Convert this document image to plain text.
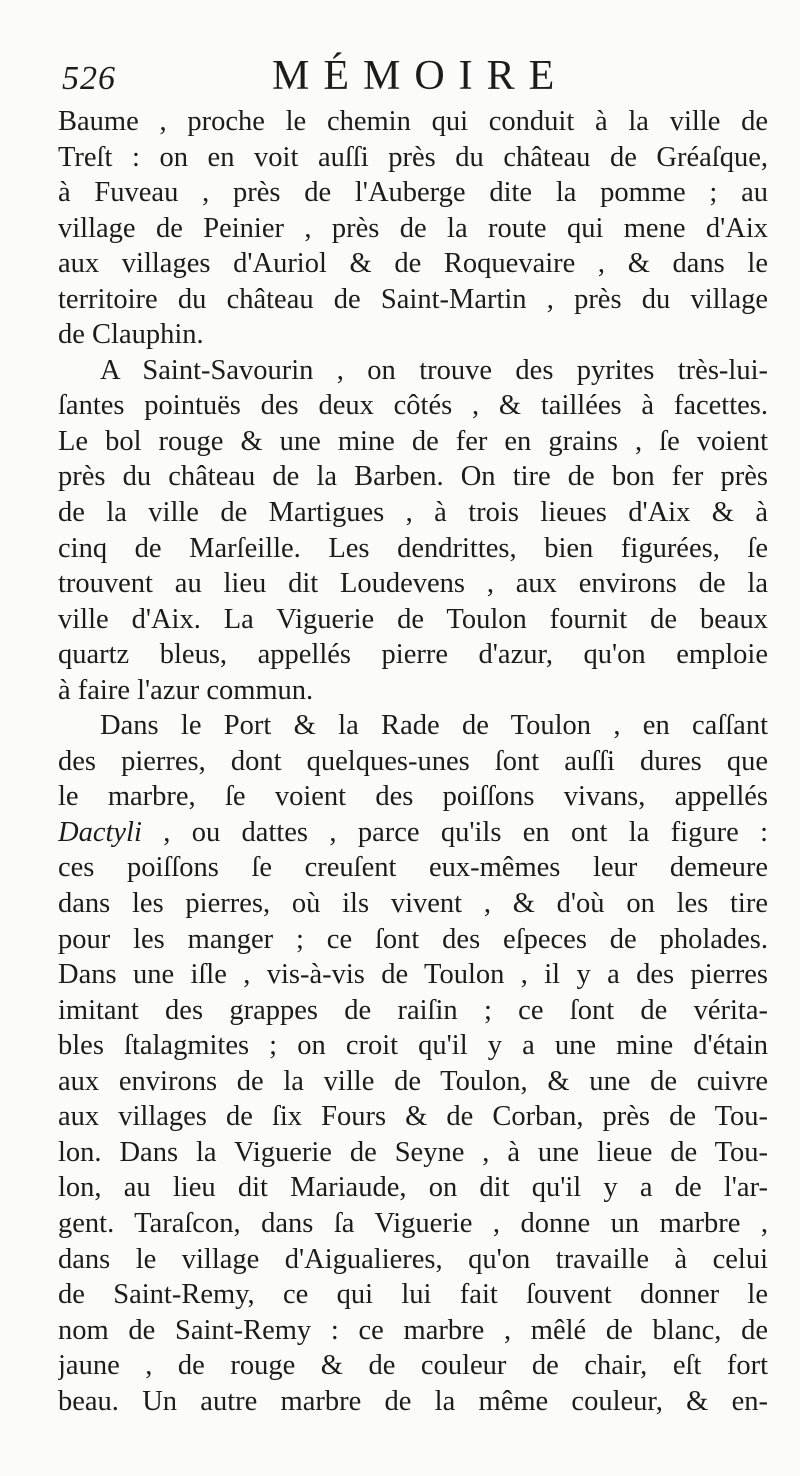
526	MÉMOIRE
Baume , proche le chemin qui conduit à la ville de
Treſt : on en voit auſſi près du château de Gréaſque,
à Fuveau , près de l'Auberge dite la pomme ; au
village de Peinier , près de la route qui mene d'Aix
aux villages d'Auriol & de Roquevaire , & dans le
territoire du château de Saint-Martin , près du village
de Clauphin.
A Saint-Savourin , on trouve des pyrites très-lui-
ſantes pointuës des deux côtés , & taillées à facettes.
Le bol rouge & une mine de fer en grains , ſe voient
près du château de la Barben. On tire de bon fer près
de la ville de Martigues , à trois lieues d'Aix & à
cinq de Marſeille. Les dendrittes, bien figurées, ſe
trouvent au lieu dit Loudevens , aux environs de la
ville d'Aix. La Viguerie de Toulon fournit de beaux
quartz bleus, appellés pierre d'azur, qu'on emploie
à faire l'azur commun.
Dans le Port & la Rade de Toulon , en caſſant
des pierres, dont quelques-unes ſont auſſi dures que
le marbre, ſe voient des poiſſons vivans, appellés
Dactyli , ou dattes , parce qu'ils en ont la figure :
ces poiſſons ſe creuſent eux-mêmes leur demeure
dans les pierres, où ils vivent , & d'où on les tire
pour les manger ; ce ſont des eſpeces de pholades.
Dans une iſle , vis-à-vis de Toulon , il y a des pierres
imitant des grappes de raiſin ; ce ſont de vérita-
bles ſtalagmites ; on croit qu'il y a une mine d'étain
aux environs de la ville de Toulon, & une de cuivre
aux villages de ſix Fours & de Corban, près de Tou-
lon. Dans la Viguerie de Seyne , à une lieue de Tou-
lon, au lieu dit Mariaude, on dit qu'il y a de l'ar-
gent. Taraſcon, dans ſa Viguerie , donne un marbre ,
dans le village d'Aigualieres, qu'on travaille à celui
de Saint-Remy, ce qui lui fait ſouvent donner le
nom de Saint-Remy : ce marbre , mêlé de blanc, de
jaune , de rouge & de couleur de chair, eſt fort
beau. Un autre marbre de la même couleur, & en-
